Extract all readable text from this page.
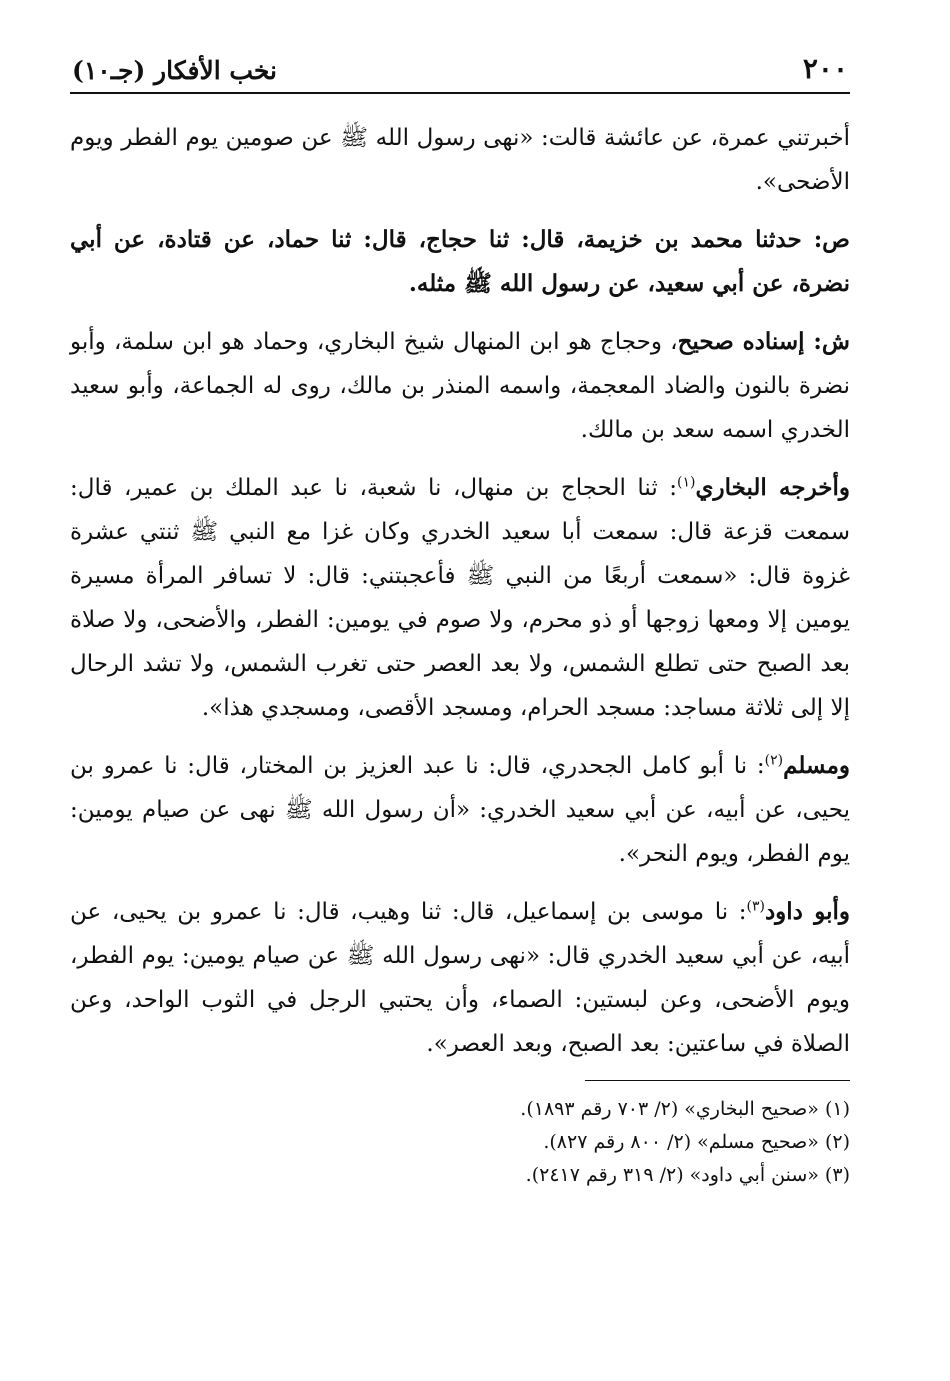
٢٠٠
نخب الأفكار (جـ١٠)

أخبرتني عمرة، عن عائشة قالت: «نهى رسول الله ﷺ عن صومين يوم الفطر ويوم الأضحى».

ص: حدثنا محمد بن خزيمة، قال: ثنا حجاج، قال: ثنا حماد، عن قتادة، عن أبي نضرة، عن أبي سعيد، عن رسول الله ﷺ مثله.

ش: إسناده صحيح، وحجاج هو ابن المنهال شيخ البخاري، وحماد هو ابن سلمة، وأبو نضرة بالنون والضاد المعجمة، واسمه المنذر بن مالك، روى له الجماعة، وأبو سعيد الخدري اسمه سعد بن مالك.

وأخرجه البخاري$^{(١)}$: ثنا الحجاج بن منهال، نا شعبة، نا عبد الملك بن عمير، قال: سمعت قزعة قال: سمعت أبا سعيد الخدري وكان غزا مع النبي ﷺ ثنتي عشرة غزوة قال: «سمعت أربعًا من النبي ﷺ فأعجبتني: قال: لا تسافر المرأة مسيرة يومين إلا ومعها زوجها أو ذو محرم، ولا صوم في يومين: الفطر، والأضحى، ولا صلاة بعد الصبح حتى تطلع الشمس، ولا بعد العصر حتى تغرب الشمس، ولا تشد الرحال إلا إلى ثلاثة مساجد: مسجد الحرام، ومسجد الأقصى، ومسجدي هذا».

ومسلم$^{(٢)}$: نا أبو كامل الجحدري، قال: نا عبد العزيز بن المختار، قال: نا عمرو بن يحيى، عن أبيه، عن أبي سعيد الخدري: «أن رسول الله ﷺ نهى عن صيام يومين: يوم الفطر، ويوم النحر».

وأبو داود$^{(٣)}$: نا موسى بن إسماعيل، قال: ثنا وهيب، قال: نا عمرو بن يحيى، عن أبيه، عن أبي سعيد الخدري قال: «نهى رسول الله ﷺ عن صيام يومين: يوم الفطر، ويوم الأضحى، وعن لبستين: الصماء، وأن يحتبي الرجل في الثوب الواحد، وعن الصلاة في ساعتين: بعد الصبح، وبعد العصر».

(١) «صحيح البخاري» (٢/ ٧٠٣ رقم ١٨٩٣).

(٢) «صحيح مسلم» (٢/ ٨٠٠ رقم ٨٢٧).

(٣) «سنن أبي داود» (٢/ ٣١٩ رقم ٢٤١٧).
